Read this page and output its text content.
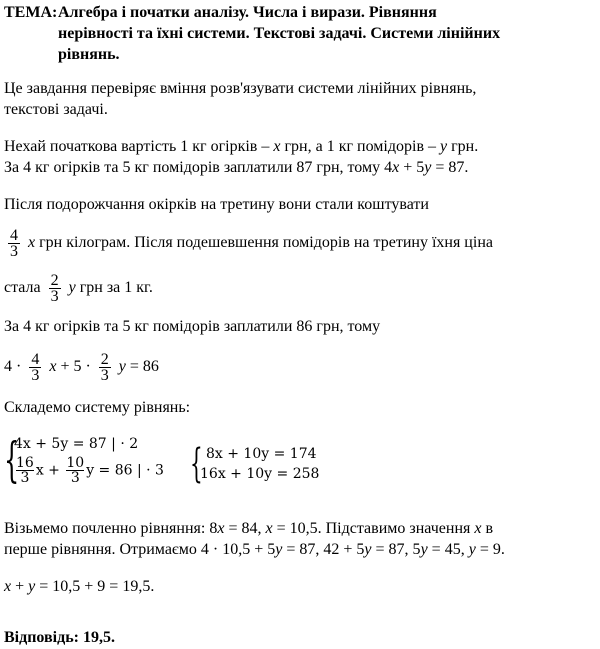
ТЕМА: Алгебра і початки аналізу. Числа і вирази. Рівняння
нерівності та їхні системи. Текстові задачі. Системи лінійних
рівнянь.
Це завдання перевіряє вміння розв'язувати системи лінійних рівнянь,
текстові задачі.
Нехай початкова вартість 1 кг огірків – x грн, а 1 кг помідорів – y грн.
За 4 кг огірків та 5 кг помідорів заплатили 87 грн, тому 4x + 5y = 87.
Після подорожчання окірків на третину вони стали коштувати
$\frac{4}{3}$ x грн кілограм. Після подешевшення помідорів на третину їхня ціна
стала $\frac{2}{3}$ y грн за 1 кг.
За 4 кг огірків та 5 кг помідорів заплатили 86 грн, тому
$4 \cdot \frac{4}{3}$ $x + 5 \cdot \frac{2}{3}$ y = 86
Складемо систему рівнянь:
{
4x + 5y = 87 | · 2
$\frac{16}{3}$ $x + \frac{10}{3}$ y = 86 | · 3 { 8x + 10y = 174
16x + 10y = 258
Візьмемо почленно рівняння: 8x = 84, x = 10,5. Підставимо значення x в
перше рівняння. Отримаємо 4 · 10,5 + 5y = 87, 42 + 5y = 87, 5y = 45, y = 9.
x + y = 10,5 + 9 = 19,5.
Відповідь: 19,5.
